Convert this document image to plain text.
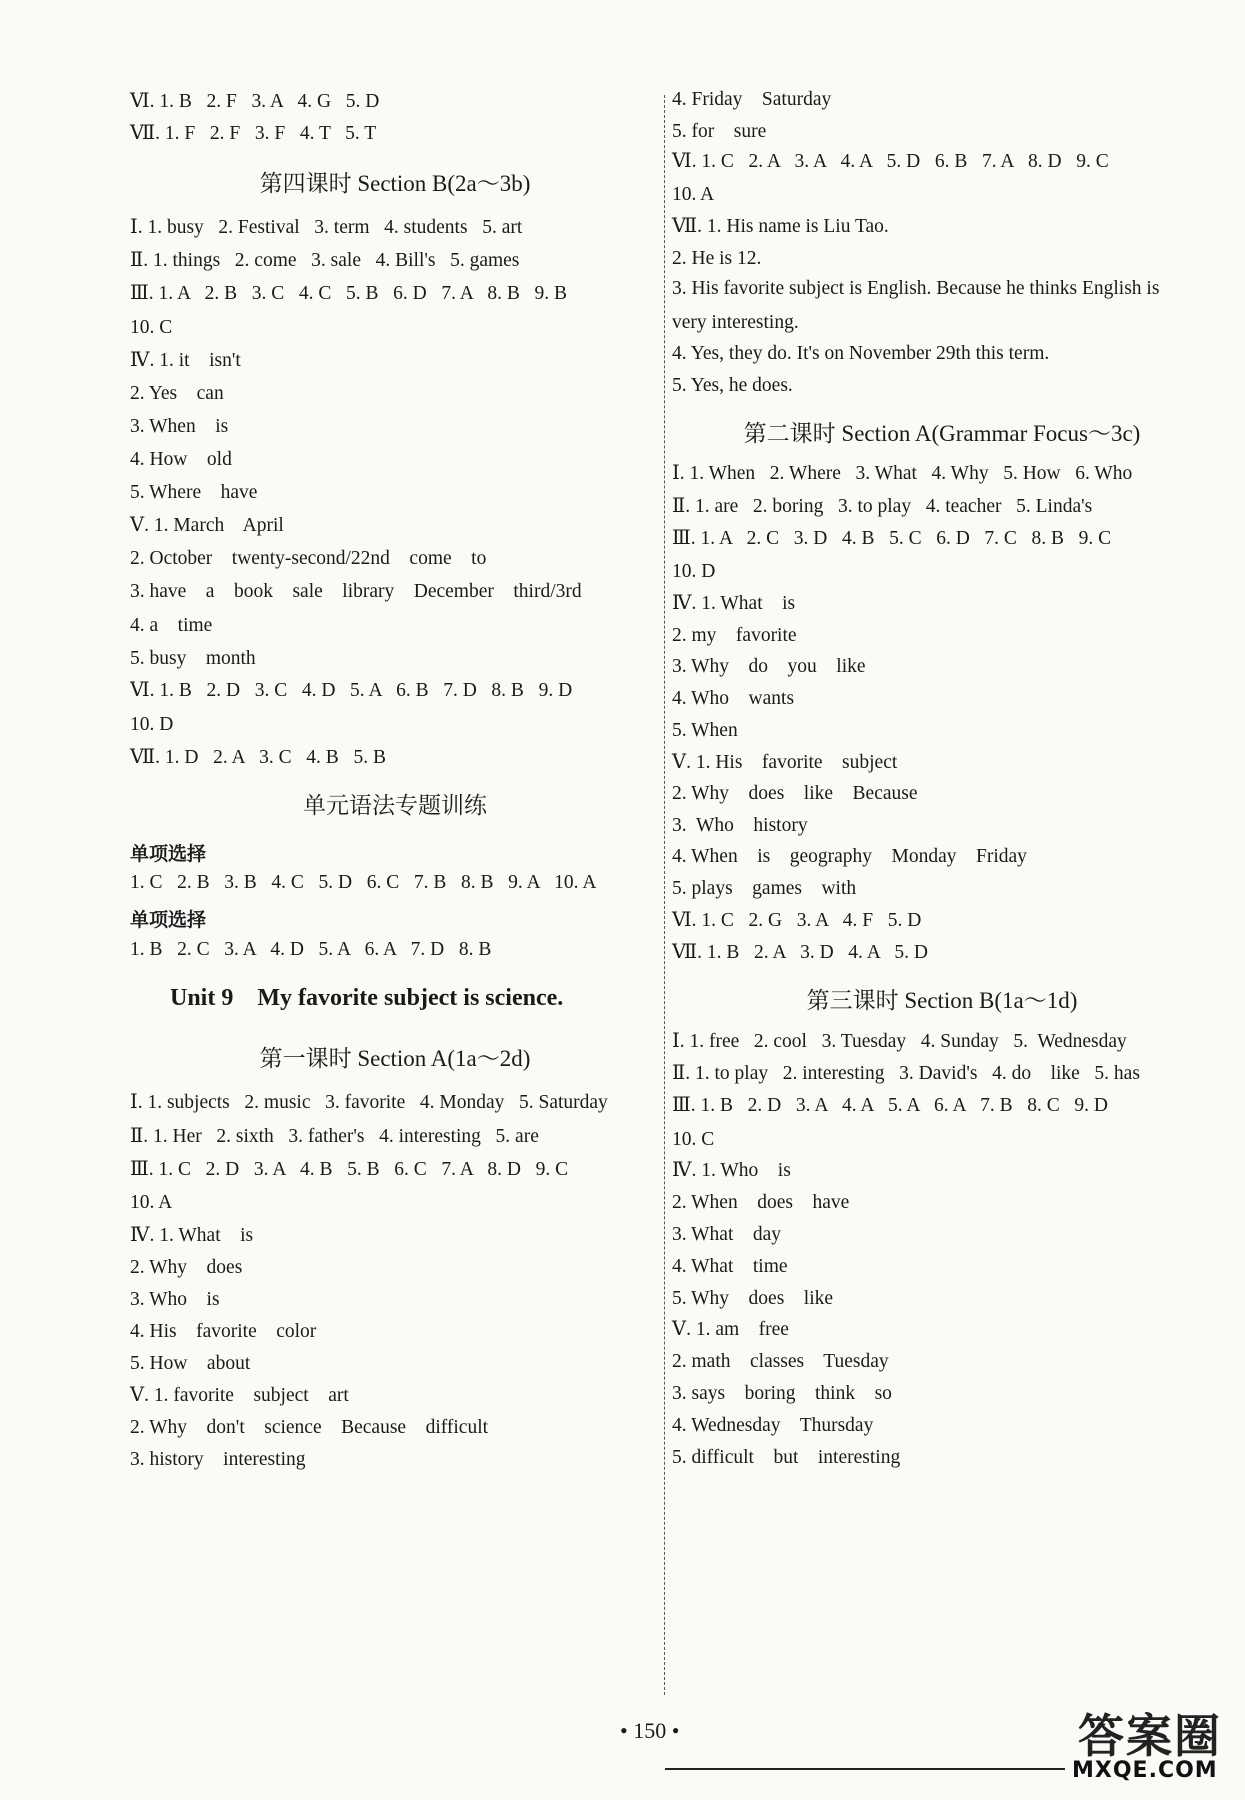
Ⅵ. 1. B   2. F   3. A   4. G   5. D
Ⅶ. 1. F   2. F   3. F   4. T   5. T
第四课时 Section B(2a～3b)
Ⅰ. 1. busy   2. Festival   3. term   4. students   5. art
Ⅱ. 1. things   2. come   3. sale   4. Bill's   5. games
Ⅲ. 1. A   2. B   3. C   4. C   5. B   6. D   7. A   8. B   9. B
10. C
Ⅳ. 1. it    isn't
2. Yes    can
3. When    is
4. How    old
5. Where    have
Ⅴ. 1. March    April
2. October    twenty-second/22nd    come    to
3. have    a    book    sale    library    December    third/3rd
4. a    time
5. busy    month
Ⅵ. 1. B   2. D   3. C   4. D   5. A   6. B   7. D   8. B   9. D
10. D
Ⅶ. 1. D   2. A   3. C   4. B   5. B
单元语法专题训练
单项选择
1. C   2. B   3. B   4. C   5. D   6. C   7. B   8. B   9. A   10. A
单项选择
1. B   2. C   3. A   4. D   5. A   6. A   7. D   8. B
Unit 9    My favorite subject is science.
第一课时 Section A(1a～2d)
Ⅰ. 1. subjects   2. music   3. favorite   4. Monday   5. Saturday
Ⅱ. 1. Her   2. sixth   3. father's   4. interesting   5. are
Ⅲ. 1. C   2. D   3. A   4. B   5. B   6. C   7. A   8. D   9. C
10. A
Ⅳ. 1. What    is
2. Why    does
3. Who    is
4. His    favorite    color
5. How    about
Ⅴ. 1. favorite    subject    art
2. Why    don't    science    Because    difficult
3. history    interesting
4. Friday    Saturday
5. for    sure
Ⅵ. 1. C   2. A   3. A   4. A   5. D   6. B   7. A   8. D   9. C
10. A
Ⅶ. 1. His name is Liu Tao.
2. He is 12.
3. His favorite subject is English. Because he thinks English is
very interesting.
4. Yes, they do. It's on November 29th this term.
5. Yes, he does.
第二课时 Section A(Grammar Focus～3c)
Ⅰ. 1. When   2. Where   3. What   4. Why   5. How   6. Who
Ⅱ. 1. are   2. boring   3. to play   4. teacher   5. Linda's
Ⅲ. 1. A   2. C   3. D   4. B   5. C   6. D   7. C   8. B   9. C
10. D
Ⅳ. 1. What    is
2. my    favorite
3. Why    do    you    like
4. Who    wants
5. When
Ⅴ. 1. His    favorite    subject
2. Why    does    like    Because
3.  Who    history
4. When    is    geography    Monday    Friday
5. plays    games    with
Ⅵ. 1. C   2. G   3. A   4. F   5. D
Ⅶ. 1. B   2. A   3. D   4. A   5. D
第三课时 Section B(1a～1d)
Ⅰ. 1. free   2. cool   3. Tuesday   4. Sunday   5.  Wednesday
Ⅱ. 1. to play   2. interesting   3. David's   4. do    like   5. has
Ⅲ. 1. B   2. D   3. A   4. A   5. A   6. A   7. B   8. C   9. D
10. C
Ⅳ. 1. Who    is
2. When    does    have
3. What    day
4. What    time
5. Why    does    like
Ⅴ. 1. am    free
2. math    classes    Tuesday
3. says    boring    think    so
4. Wednesday    Thursday
5. difficult    but    interesting
• 150 •	答案圈
MXQE.COM
